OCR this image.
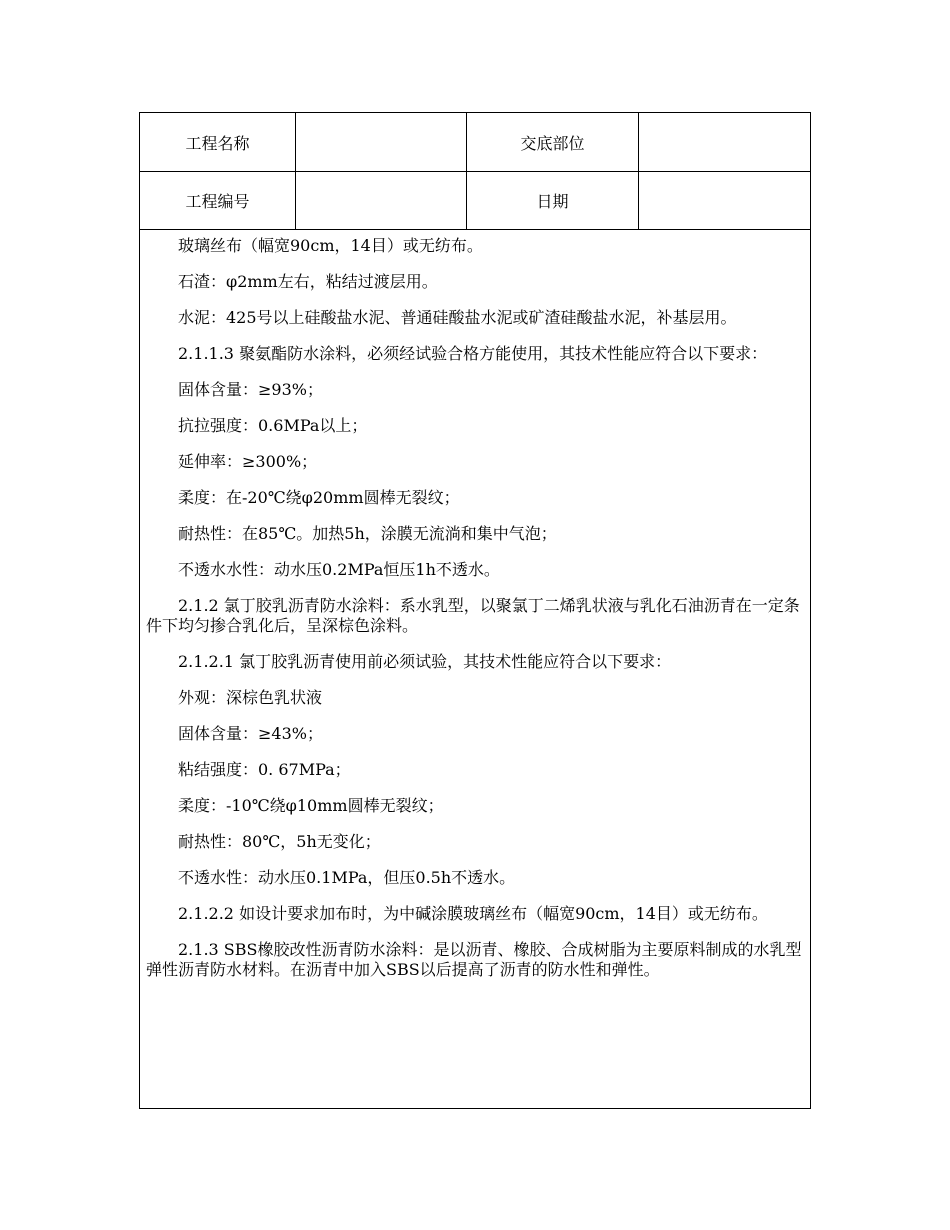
工程名称	交底部位
工程编号	日期

玻璃丝布（幅宽90cm，14目）或无纺布。

石渣：φ2mm左右，粘结过渡层用。

水泥：425号以上硅酸盐水泥、普通硅酸盐水泥或矿渣硅酸盐水泥，补基层用。

2.1.1.3 聚氨酯防水涂料，必须经试验合格方能使用，其技术性能应符合以下要求：

固体含量：≥93%；

抗拉强度：0.6MPa以上；

延伸率：≥300%；

柔度：在-20℃绕φ20mm圆棒无裂纹；

耐热性：在85℃。加热5h，涂膜无流淌和集中气泡；

不透水水性：动水压0.2MPa恒压1h不透水。

2.1.2 氯丁胶乳沥青防水涂料：系水乳型，以聚氯丁二烯乳状液与乳化石油沥青在一定条件下均匀掺合乳化后，呈深棕色涂料。

2.1.2.1 氯丁胶乳沥青使用前必须试验，其技术性能应符合以下要求：

外观：深棕色乳状液

固体含量：≥43%；

粘结强度：0. 67MPa；

柔度：-10℃绕φ10mm圆棒无裂纹；

耐热性：80℃，5h无变化；

不透水性：动水压0.1MPa，但压0.5h不透水。

2.1.2.2 如设计要求加布时，为中碱涂膜玻璃丝布（幅宽90cm，14目）或无纺布。

2.1.3 SBS橡胶改性沥青防水涂料：是以沥青、橡胶、合成树脂为主要原料制成的水乳型弹性沥青防水材料。在沥青中加入SBS以后提高了沥青的防水性和弹性。
